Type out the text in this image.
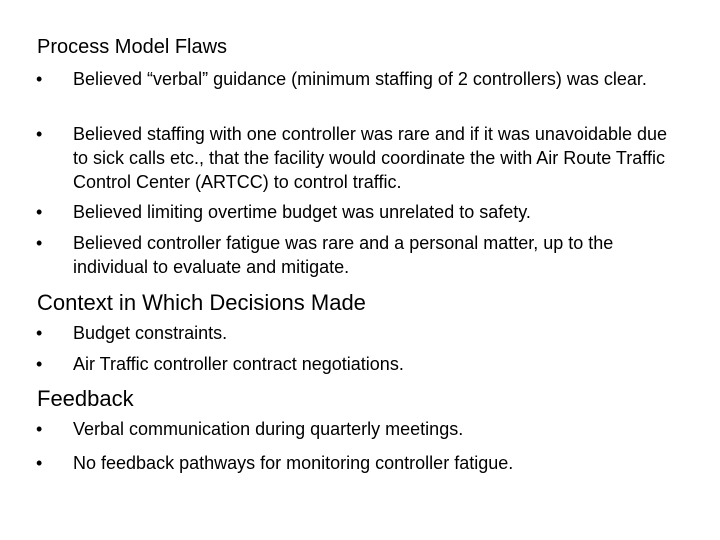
Process Model Flaws
• Believed “verbal” guidance (minimum staffing of 2 controllers) was clear.
• Believed staffing with one controller was rare and if it was unavoidable due to sick calls etc., that the facility would coordinate the with Air Route Traffic Control Center (ARTCC) to control traffic.
• Believed limiting overtime budget was unrelated to safety.
• Believed controller fatigue was rare and a personal matter, up to the individual to evaluate and mitigate.
Context in Which Decisions Made
• Budget constraints.
• Air Traffic controller contract negotiations.
Feedback
• Verbal communication during quarterly meetings.
• No feedback pathways for monitoring controller fatigue.
